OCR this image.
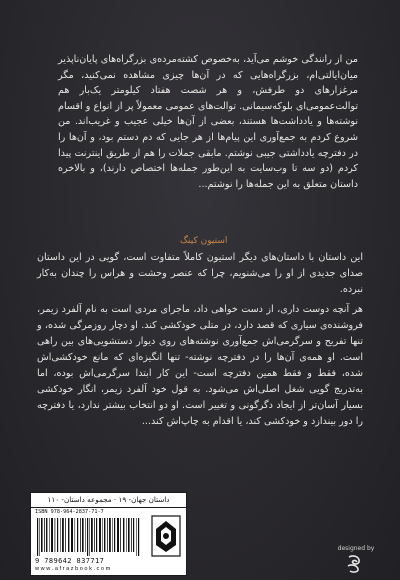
من از رانندگی خوشم می‌آید، به‌خصوص کشته‌مرده‌ی بزرگراه‌های پایان‌ناپذیر میان‌ایالتی‌ام، بزرگراه‌هایی که در آن‌ها چیزی مشاهده نمی‌کنید، مگر مرغزارهای دو طرفش، و هر شصت هفتاد کیلومتر یک‌بار هم توالت‌عمومی‌ای بلوکه‌سیمانی. توالت‌های عمومی معمولاً پر از انواع و اقسام نوشته‌ها و یادداشت‌ها هستند، بعضی از آن‌ها خیلی عجیب و غریب‌اند. من شروع کردم به جمع‌آوری این پیام‌ها از هر جایی که دم دستم بود، و آن‌ها را در دفترچه یادداشتی جیبی نوشتم. مابقی جملات را هم از طریق اینترنت پیدا کردم (دو سه تا وب‌سایت به این‌طور جمله‌ها اختصاص دارند)، و بالاخره داستان متعلق به این جمله‌ها را نوشتم...

استیون کینگ

این داستان با داستان‌های دیگر استیون کاملاً متفاوت است، گویی در این داستان صدای جدیدی از او را می‌شنویم، چرا که عنصر وحشت و هراس را چندان به‌کار نبرده.

هر آنچه دوست داری، از دست خواهی داد، ماجرای مردی است به نام آلفرد زیمر، فروشنده‌ی سیاری که قصد دارد، در متلی خودکشی کند. او دچار روزمرگی شده، و تنها تفریح و سرگرمی‌اش جمع‌آوری نوشته‌های روی دیوار دستشویی‌های بین راهی است. او همه‌ی آن‌ها را در دفترچه نوشته- تنها انگیزه‌ای که مانع خودکشی‌اش شده، فقط و فقط همین دفترچه است- این کار ابتدا سرگرمی‌اش بوده، اما به‌تدریج گویی شغل اصلی‌اش می‌شود. به قول خود آلفرد زیمر، انگار خودکشی بسیار آسان‌تر از ایجاد دگرگونی و تغییر است. او دو انتخاب بیشتر ندارد، یا دفترچه را دور بیندازد و خودکشی کند، یا اقدام به چاپ‌اش کند...

داستان جهان- ۱۹ · مجموعه داستان- ۱۱۰
ISBN 978-964-2837-71-7
9 789642 837717
w w w . a f r a z b o o k . c o m
designed by
